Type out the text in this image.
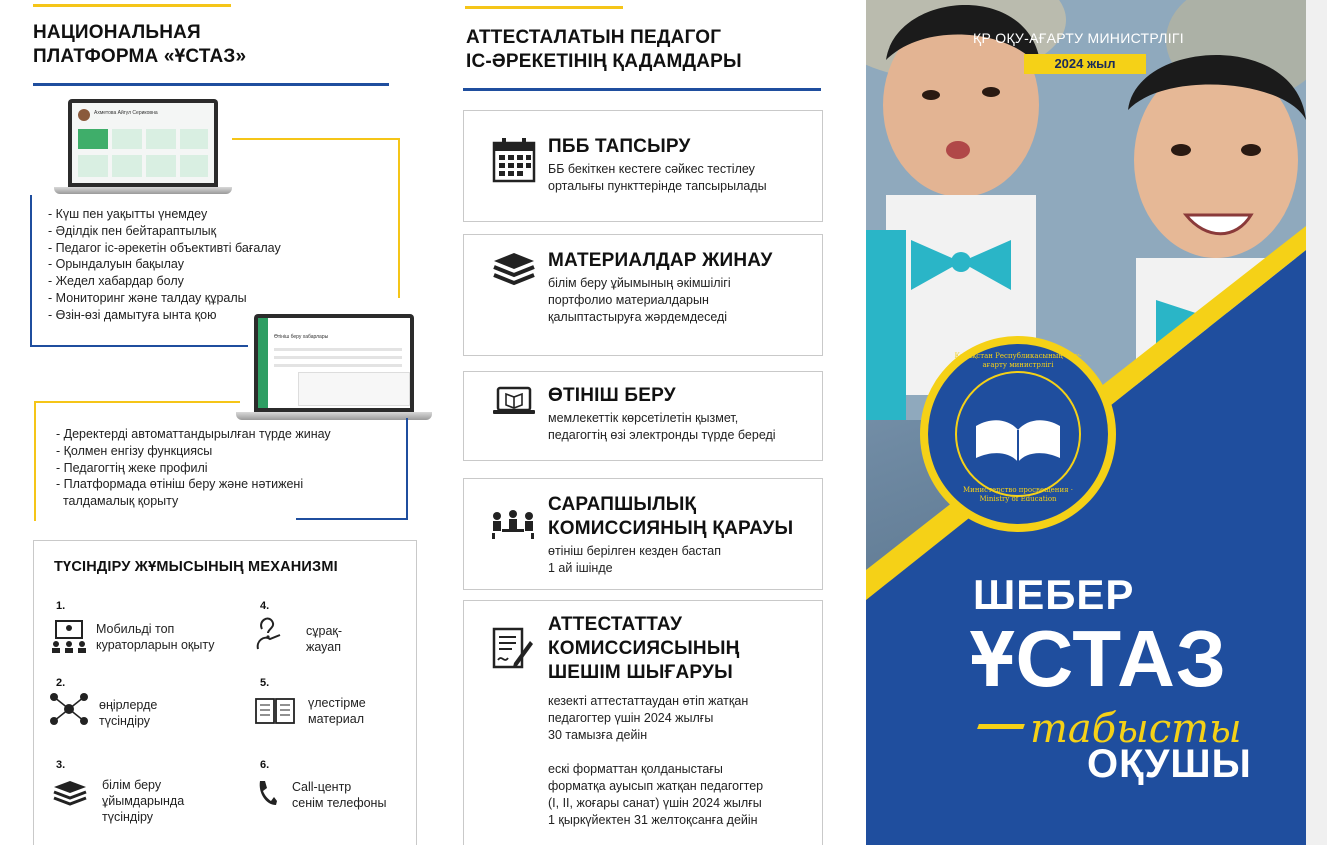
НАЦИОНАЛЬНАЯ
ПЛАТФОРМА «ҰСТАЗ»
Ахметова Айгүл Сериковна
- Күш пен уақытты үнемдеу
- Әділдік пен бейтараптылық
- Педагог іс-әрекетін объективті бағалау
- Орындалуын бақылау
- Жедел хабардар болу
- Мониторинг және талдау құралы
- Өзін-өзі дамытуға ынта қою
Өтініш беру хабарлары
- Деректерді автоматтандырылған түрде жинау
- Қолмен енгізу функциясы
- Педагогтің жеке профилі
- Платформада өтініш беру және нәтижені
талдамалық қорыту
ТҮСІНДІРУ ЖҰМЫСЫНЫҢ МЕХАНИЗМІ
1.
Мобильді топ
кураторларын оқыту
2.
өңірлерде
түсіндіру
3.
білім беру
ұйымдарында
түсіндіру
4.
сұрақ-
жауап
5.
үлестірме
материал
6.
Call-центр
сенім телефоны
АТТЕСТАЛАТЫН ПЕДАГОГ
ІС-ӘРЕКЕТІНІҢ ҚАДАМДАРЫ
ПББ ТАПСЫРУ
ББ бекіткен кестеге сәйкес тестілеу
орталығы пункттерінде тапсырылады
МАТЕРИАЛДАР ЖИНАУ
білім беру ұйымының әкімшілігі
портфолио материалдарын
қалыптастыруға жәрдемдеседі
ӨТІНІШ БЕРУ
мемлекеттік көрсетілетін қызмет,
педагогтің өзі электронды түрде береді
САРАПШЫЛЫҚ
КОМИССИЯНЫҢ ҚАРАУЫ
өтініш берілген кезден бастап
1 ай ішінде
АТТЕСТАТТАУ
КОМИССИЯСЫНЫҢ
ШЕШІМ ШЫҒАРУЫ
кезекті аттестаттаудан өтіп жатқан
педагогтер үшін 2024 жылғы
30 тамызға дейін
ескі форматтан қолданыстағы
форматқа ауысып жатқан педагогтер
(I, II, жоғары санат) үшін 2024 жылғы
1 қыркүйектен 31 желтоқсанға дейін
Қазақстан Республикасының Оқу-ағарту министрлігі
Министерство просвещения · Ministry of Education
ҚР ОҚУ-АҒАРТУ МИНИСТРЛІГІ
2024 жыл
ШЕБЕР
ҰСТАЗ
табысты
ОҚУШЫ
